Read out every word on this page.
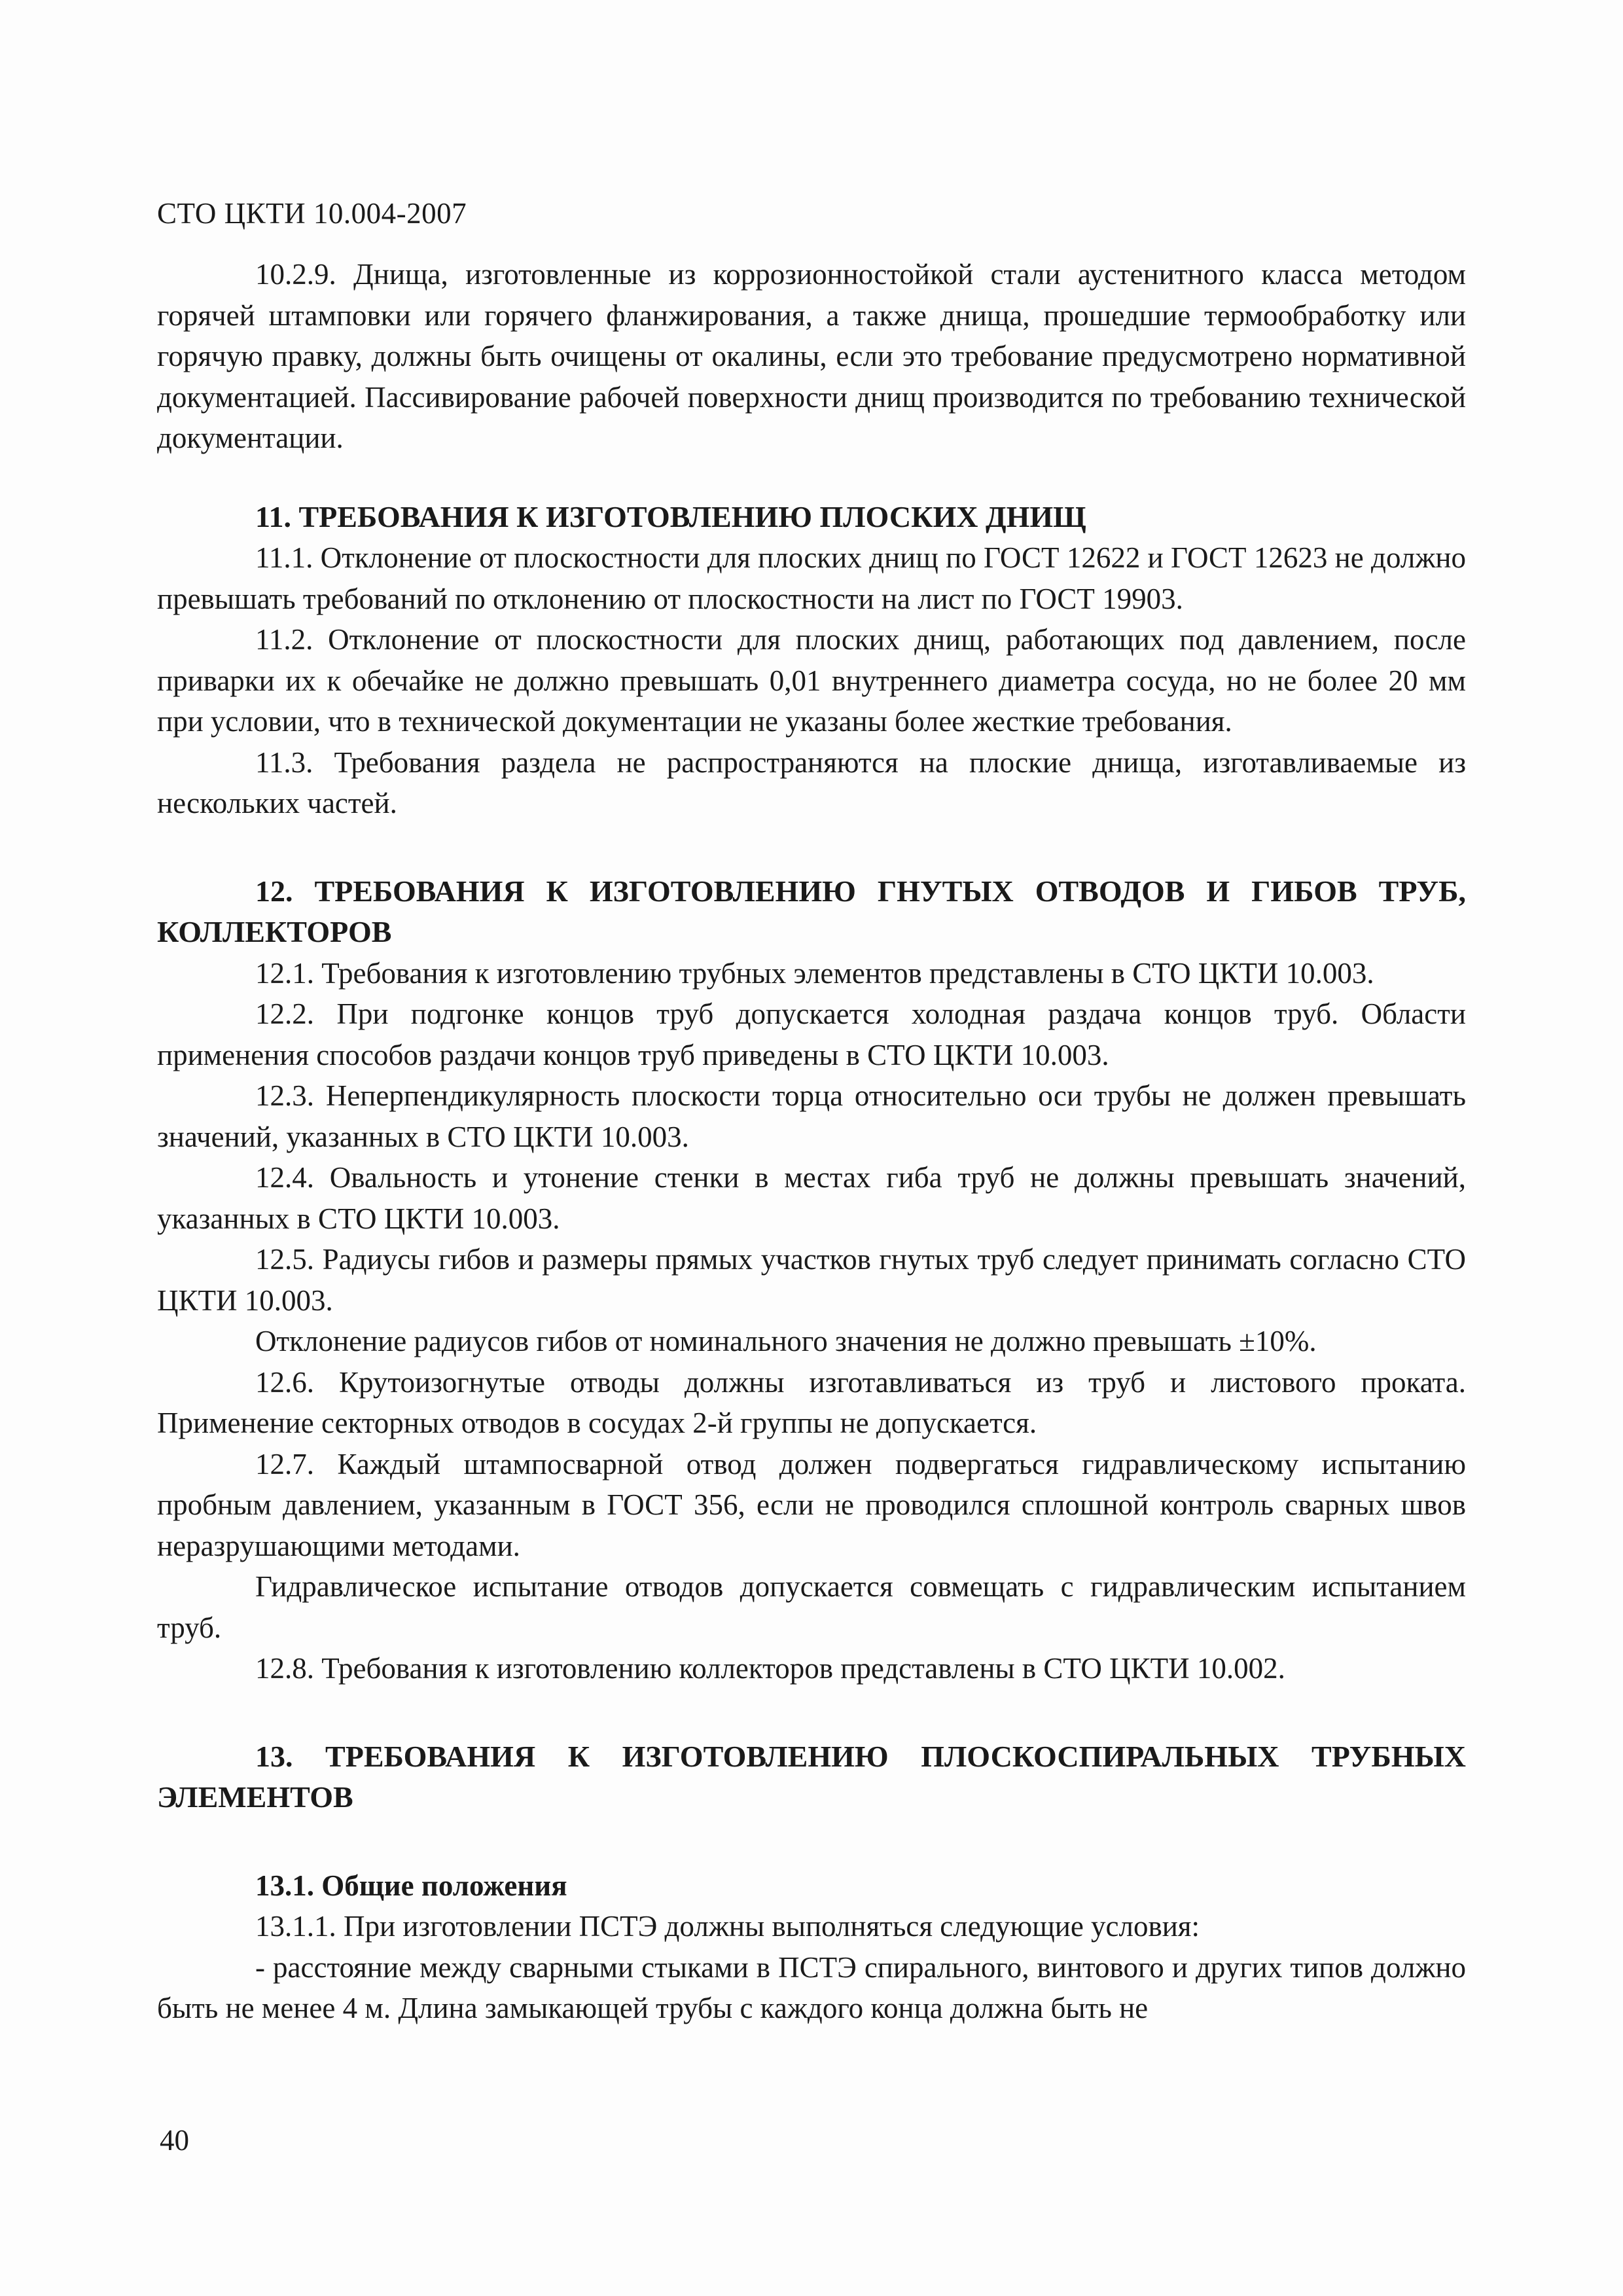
СТО ЦКТИ 10.004-2007

10.2.9. Днища, изготовленные из коррозионностойкой стали аустенитного класса методом горячей штамповки или горячего фланжирования, а также днища, прошедшие термообработку или горячую правку, должны быть очищены от окалины, если это требование предусмотрено нормативной документацией. Пассивирование рабочей поверхности днищ производится по требованию технической документации.

11. ТРЕБОВАНИЯ К ИЗГОТОВЛЕНИЮ ПЛОСКИХ ДНИЩ

11.1. Отклонение от плоскостности для плоских днищ по ГОСТ 12622 и ГОСТ 12623 не должно превышать требований по отклонению от плоскостности на лист по ГОСТ 19903.

11.2. Отклонение от плоскостности для плоских днищ, работающих под давлением, после приварки их к обечайке не должно превышать 0,01 внутреннего диаметра сосуда, но не более 20 мм при условии, что в технической документации не указаны более жесткие требования.

11.3. Требования раздела не распространяются на плоские днища, изготавливаемые из нескольких частей.

12. ТРЕБОВАНИЯ К ИЗГОТОВЛЕНИЮ ГНУТЫХ ОТВОДОВ И ГИБОВ ТРУБ, КОЛЛЕКТОРОВ

12.1. Требования к изготовлению трубных элементов представлены в СТО ЦКТИ 10.003.

12.2. При подгонке концов труб допускается холодная раздача концов труб. Области применения способов раздачи концов труб приведены в СТО ЦКТИ 10.003.

12.3. Неперпендикулярность плоскости торца относительно оси трубы не должен превышать значений, указанных в СТО ЦКТИ 10.003.

12.4. Овальность и утонение стенки в местах гиба труб не должны превышать значений, указанных в СТО ЦКТИ 10.003.

12.5. Радиусы гибов и размеры прямых участков гнутых труб следует принимать согласно СТО ЦКТИ 10.003.

Отклонение радиусов гибов от номинального значения не должно превышать ±10%.

12.6. Крутоизогнутые отводы должны изготавливаться из труб и листового проката. Применение секторных отводов в сосудах 2-й группы не допускается.

12.7. Каждый штампосварной отвод должен подвергаться гидравлическому испытанию пробным давлением, указанным в ГОСТ 356, если не проводился сплошной контроль сварных швов неразрушающими методами.

Гидравлическое испытание отводов допускается совмещать с гидравлическим испытанием труб.

12.8. Требования к изготовлению коллекторов представлены в СТО ЦКТИ 10.002.

13. ТРЕБОВАНИЯ К ИЗГОТОВЛЕНИЮ ПЛОСКОСПИРАЛЬНЫХ ТРУБНЫХ ЭЛЕМЕНТОВ

13.1. Общие положения

13.1.1. При изготовлении ПСТЭ должны выполняться следующие условия:

- расстояние между сварными стыками в ПСТЭ спирального, винтового и других типов должно быть не менее 4 м. Длина замыкающей трубы с каждого конца должна быть не

40
